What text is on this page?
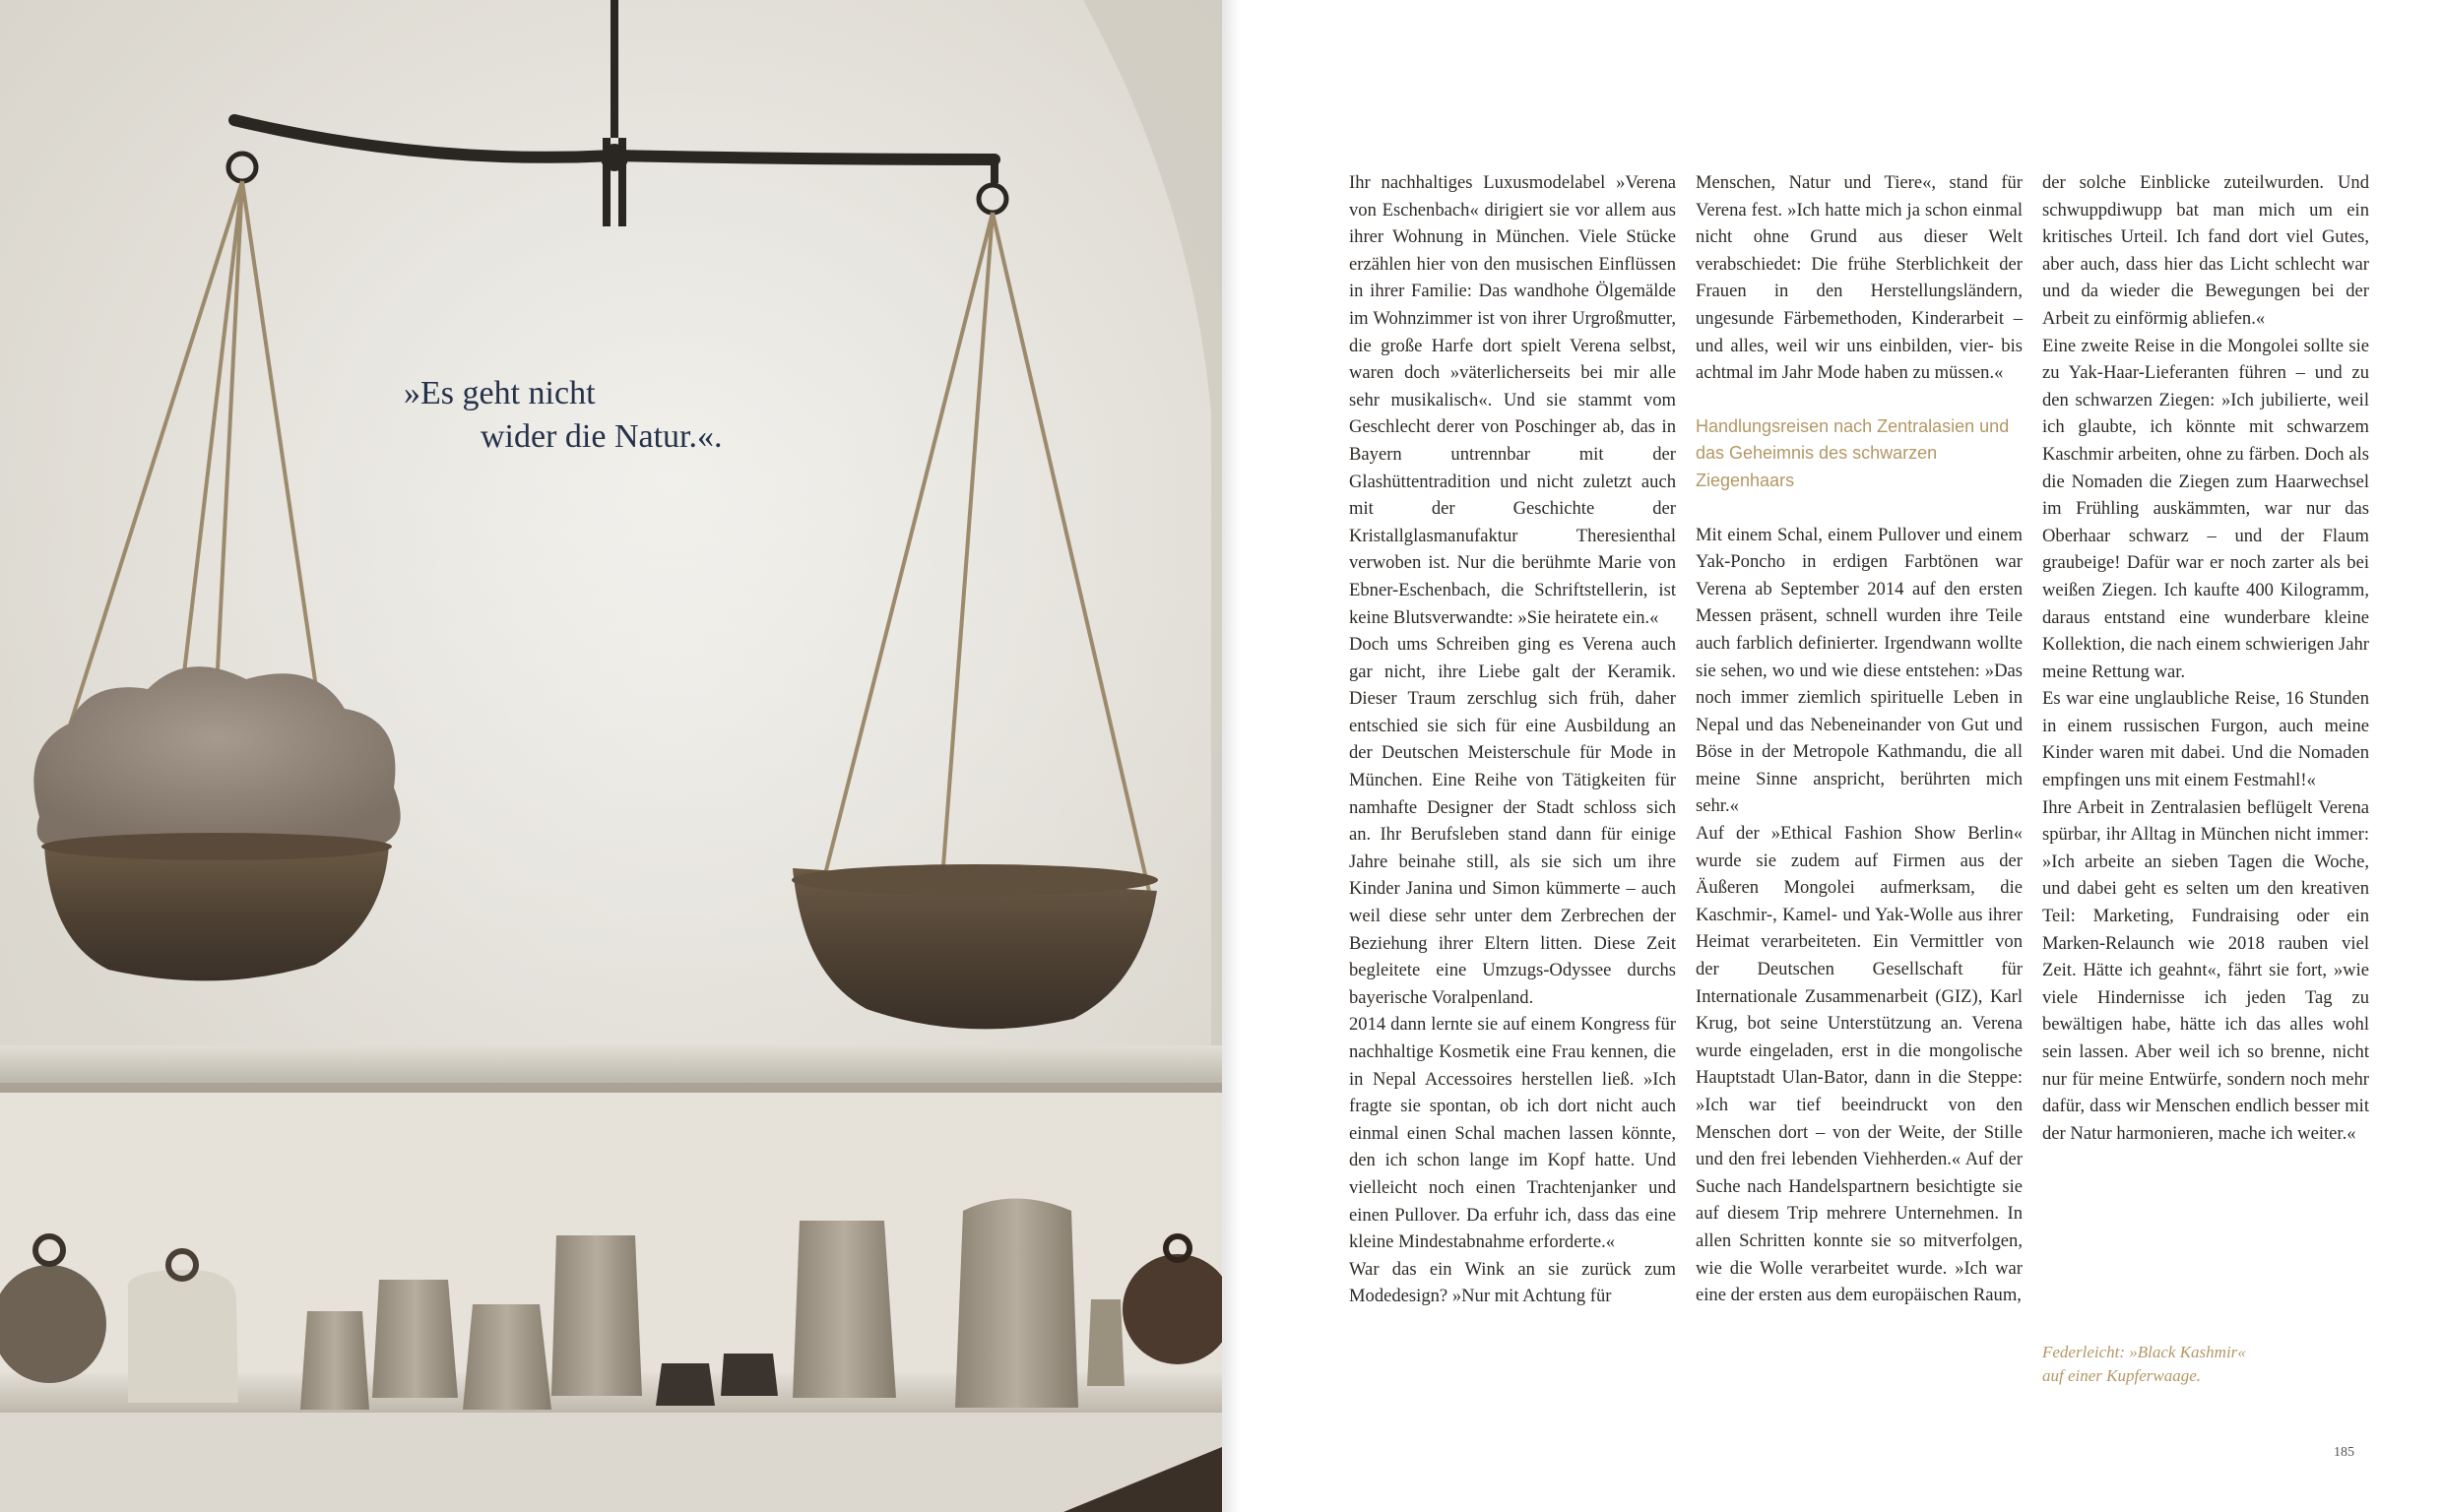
»Es geht nicht
wider die Natur.«.

Ihr nachhaltiges Luxusmodelabel »Verena von Eschenbach« dirigiert sie vor allem aus ihrer Wohnung in München. Viele Stücke erzählen hier von den musischen Einflüssen in ihrer Familie: Das wandhohe Ölgemälde im Wohnzimmer ist von ihrer Urgroßmutter, die große Harfe dort spielt Verena selbst, waren doch »väterlicherseits bei mir alle sehr musikalisch«. Und sie stammt vom Geschlecht derer von Poschinger ab, das in Bayern untrennbar mit der Glashüttentradition und nicht zuletzt auch mit der Geschichte der Kristallglasmanufaktur Theresienthal verwoben ist. Nur die berühmte Marie von Ebner-Eschenbach, die Schriftstellerin, ist keine Blutsverwandte: »Sie heiratete ein.«

Doch ums Schreiben ging es Verena auch gar nicht, ihre Liebe galt der Keramik. Dieser Traum zerschlug sich früh, daher entschied sie sich für eine Ausbildung an der Deutschen Meisterschule für Mode in München. Eine Reihe von Tätigkeiten für namhafte Designer der Stadt schloss sich an. Ihr Berufsleben stand dann für einige Jahre beinahe still, als sie sich um ihre Kinder Janina und Simon kümmerte – auch weil diese sehr unter dem Zerbrechen der Beziehung ihrer Eltern litten. Diese Zeit begleitete eine Umzugs-Odyssee durchs bayerische Voralpenland.

2014 dann lernte sie auf einem Kongress für nachhaltige Kosmetik eine Frau kennen, die in Nepal Accessoires herstellen ließ. »Ich fragte sie spontan, ob ich dort nicht auch einmal einen Schal machen lassen könnte, den ich schon lange im Kopf hatte. Und vielleicht noch einen Trachtenjanker und einen Pullover. Da erfuhr ich, dass das eine kleine Mindestabnahme erforderte.«

War das ein Wink an sie zurück zum Modedesign? »Nur mit Achtung für

Menschen, Natur und Tiere«, stand für Verena fest. »Ich hatte mich ja schon einmal nicht ohne Grund aus dieser Welt verabschiedet: Die frühe Sterblichkeit der Frauen in den Herstellungsländern, ungesunde Färbemethoden, Kinderarbeit – und alles, weil wir uns einbilden, vier- bis achtmal im Jahr Mode haben zu müssen.«

Handlungsreisen nach Zentralasien und das Geheimnis des schwarzen Ziegenhaars

Mit einem Schal, einem Pullover und einem Yak-Poncho in erdigen Farbtönen war Verena ab September 2014 auf den ersten Messen präsent, schnell wurden ihre Teile auch farblich definierter. Irgendwann wollte sie sehen, wo und wie diese entstehen: »Das noch immer ziemlich spirituelle Leben in Nepal und das Nebeneinander von Gut und Böse in der Metropole Kathmandu, die all meine Sinne anspricht, berührten mich sehr.«

Auf der »Ethical Fashion Show Berlin« wurde sie zudem auf Firmen aus der Äußeren Mongolei aufmerksam, die Kaschmir-, Kamel- und Yak-Wolle aus ihrer Heimat verarbeiteten. Ein Vermittler von der Deutschen Gesellschaft für Internationale Zusammenarbeit (GIZ), Karl Krug, bot seine Unterstützung an. Verena wurde eingeladen, erst in die mongolische Hauptstadt Ulan-Bator, dann in die Steppe: »Ich war tief beeindruckt von den Menschen dort – von der Weite, der Stille und den frei lebenden Viehherden.« Auf der Suche nach Handelspartnern besichtigte sie auf diesem Trip mehrere Unternehmen. In allen Schritten konnte sie so mitverfolgen, wie die Wolle verarbeitet wurde. »Ich war eine der ersten aus dem europäischen Raum,

der solche Einblicke zuteilwurden. Und schwuppdiwupp bat man mich um ein kritisches Urteil. Ich fand dort viel Gutes, aber auch, dass hier das Licht schlecht war und da wieder die Bewegungen bei der Arbeit zu einförmig abliefen.«

Eine zweite Reise in die Mongolei sollte sie zu Yak-Haar-Lieferanten führen – und zu den schwarzen Ziegen: »Ich jubilierte, weil ich glaubte, ich könnte mit schwarzem Kaschmir arbeiten, ohne zu färben. Doch als die Nomaden die Ziegen zum Haarwechsel im Frühling auskämmten, war nur das Oberhaar schwarz – und der Flaum graubeige! Dafür war er noch zarter als bei weißen Ziegen. Ich kaufte 400 Kilogramm, daraus entstand eine wunderbare kleine Kollektion, die nach einem schwierigen Jahr meine Rettung war.

Es war eine unglaubliche Reise, 16 Stunden in einem russischen Furgon, auch meine Kinder waren mit dabei. Und die Nomaden empfingen uns mit einem Festmahl!«

Ihre Arbeit in Zentralasien beflügelt Verena spürbar, ihr Alltag in München nicht immer: »Ich arbeite an sieben Tagen die Woche, und dabei geht es selten um den kreativen Teil: Marketing, Fundraising oder ein Marken-Relaunch wie 2018 rauben viel Zeit. Hätte ich geahnt«, fährt sie fort, »wie viele Hindernisse ich jeden Tag zu bewältigen habe, hätte ich das alles wohl sein lassen. Aber weil ich so brenne, nicht nur für meine Entwürfe, sondern noch mehr dafür, dass wir Menschen endlich besser mit der Natur harmonieren, mache ich weiter.«

Federleicht: »Black Kashmir«
auf einer Kupferwaage.

185
